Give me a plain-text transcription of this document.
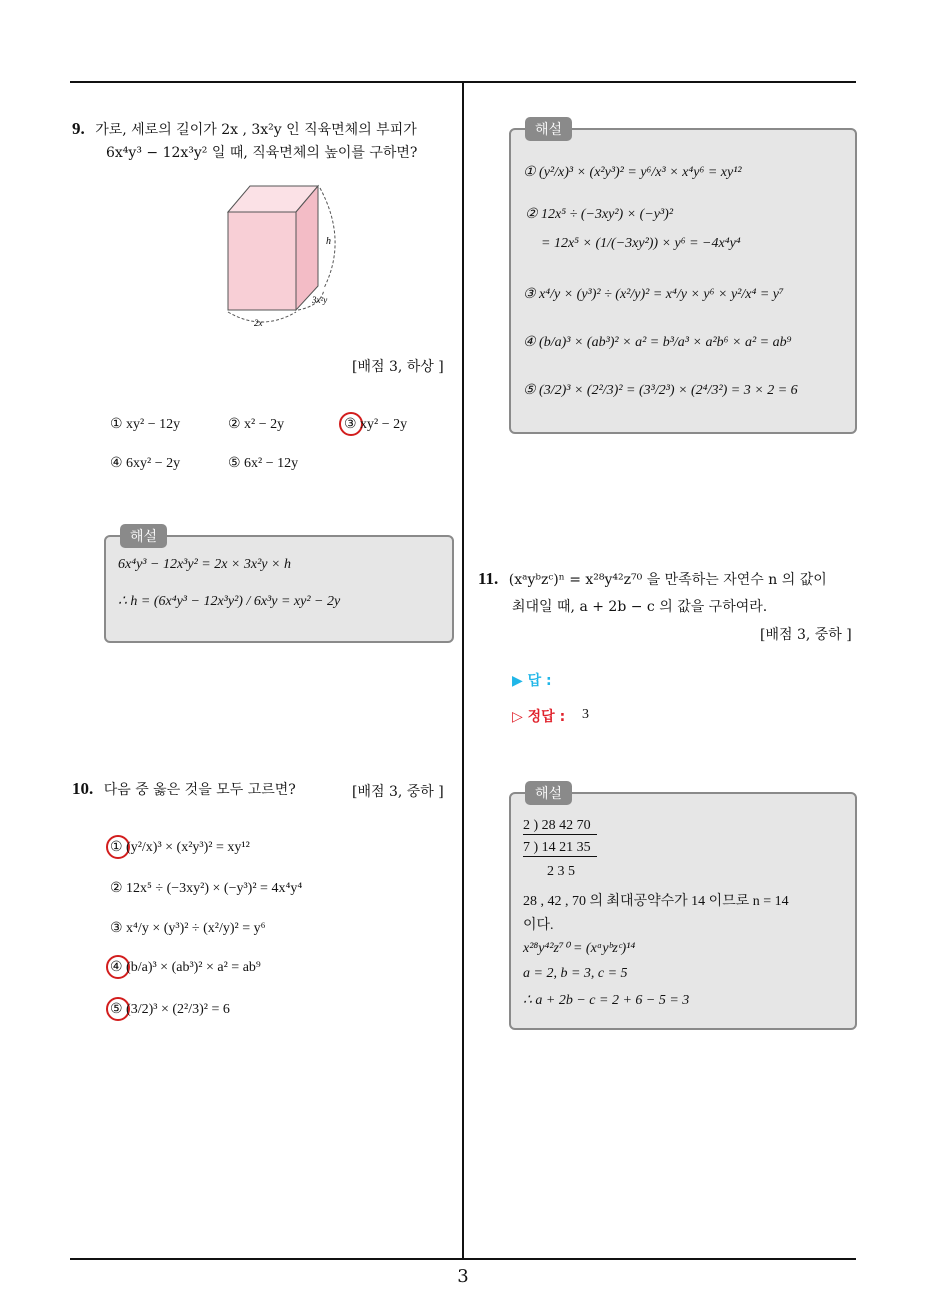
9. 가로, 세로의 길이가 2x , 3x²y 인 직육면체의 부피가
6x⁴y³ − 12x³y² 일 때, 직육면체의 높이를 구하면?
h
3x²y
2x
[배점 3, 하상 ]
① xy² − 12y	② x² − 2y	③ xy² − 2y
④ 6xy² − 2y	⑤ 6x² − 12y
해설
6x⁴y³ − 12x³y² = 2x × 3x²y × h
∴ h = (6x⁴y³ − 12x³y²) / 6x³y = xy² − 2y
10. 다음 중 옳은 것을 모두 고르면?	[배점 3, 중하 ]
① (y²/x)³ × (x²y³)² = xy¹²
② 12x⁵ ÷ (−3xy²) × (−y³)² = 4x⁴y⁴
③ x⁴/y × (y³)² ÷ (x²/y)² = y⁶
④ (b/a)³ × (ab³)² × a² = ab⁹
⑤ (3/2)³ × (2²/3)² = 6
해설
① (y²/x)³ × (x²y³)² = y⁶/x³ × x⁴y⁶ = xy¹²
② 12x⁵ ÷ (−3xy²) × (−y³)²
= 12x⁵ × (1/(−3xy²)) × y⁶ = −4x⁴y⁴
③ x⁴/y × (y³)² ÷ (x²/y)² = x⁴/y × y⁶ × y²/x⁴ = y⁷
④ (b/a)³ × (ab³)² × a² = b³/a³ × a²b⁶ × a² = ab⁹
⑤ (3/2)³ × (2²/3)² = (3³/2³) × (2⁴/3²) = 3 × 2 = 6
11. (xᵃyᵇzᶜ)ⁿ = x²⁸y⁴²z⁷⁰ 을 만족하는 자연수 n 의 값이
최대일 때, a + 2b − c 의 값을 구하여라.
[배점 3, 중하 ]
▶ 답 :
▷ 정답 : 3
해설
2 ) 28 42 70
7 ) 14 21 35
2 3 5
28 , 42 , 70 의 최대공약수가 14 이므로 n = 14
이다.
x²⁸y⁴²z⁷⁰ = (xᵃyᵇzᶜ)¹⁴
a = 2, b = 3, c = 5
∴ a + 2b − c = 2 + 6 − 5 = 3
3
